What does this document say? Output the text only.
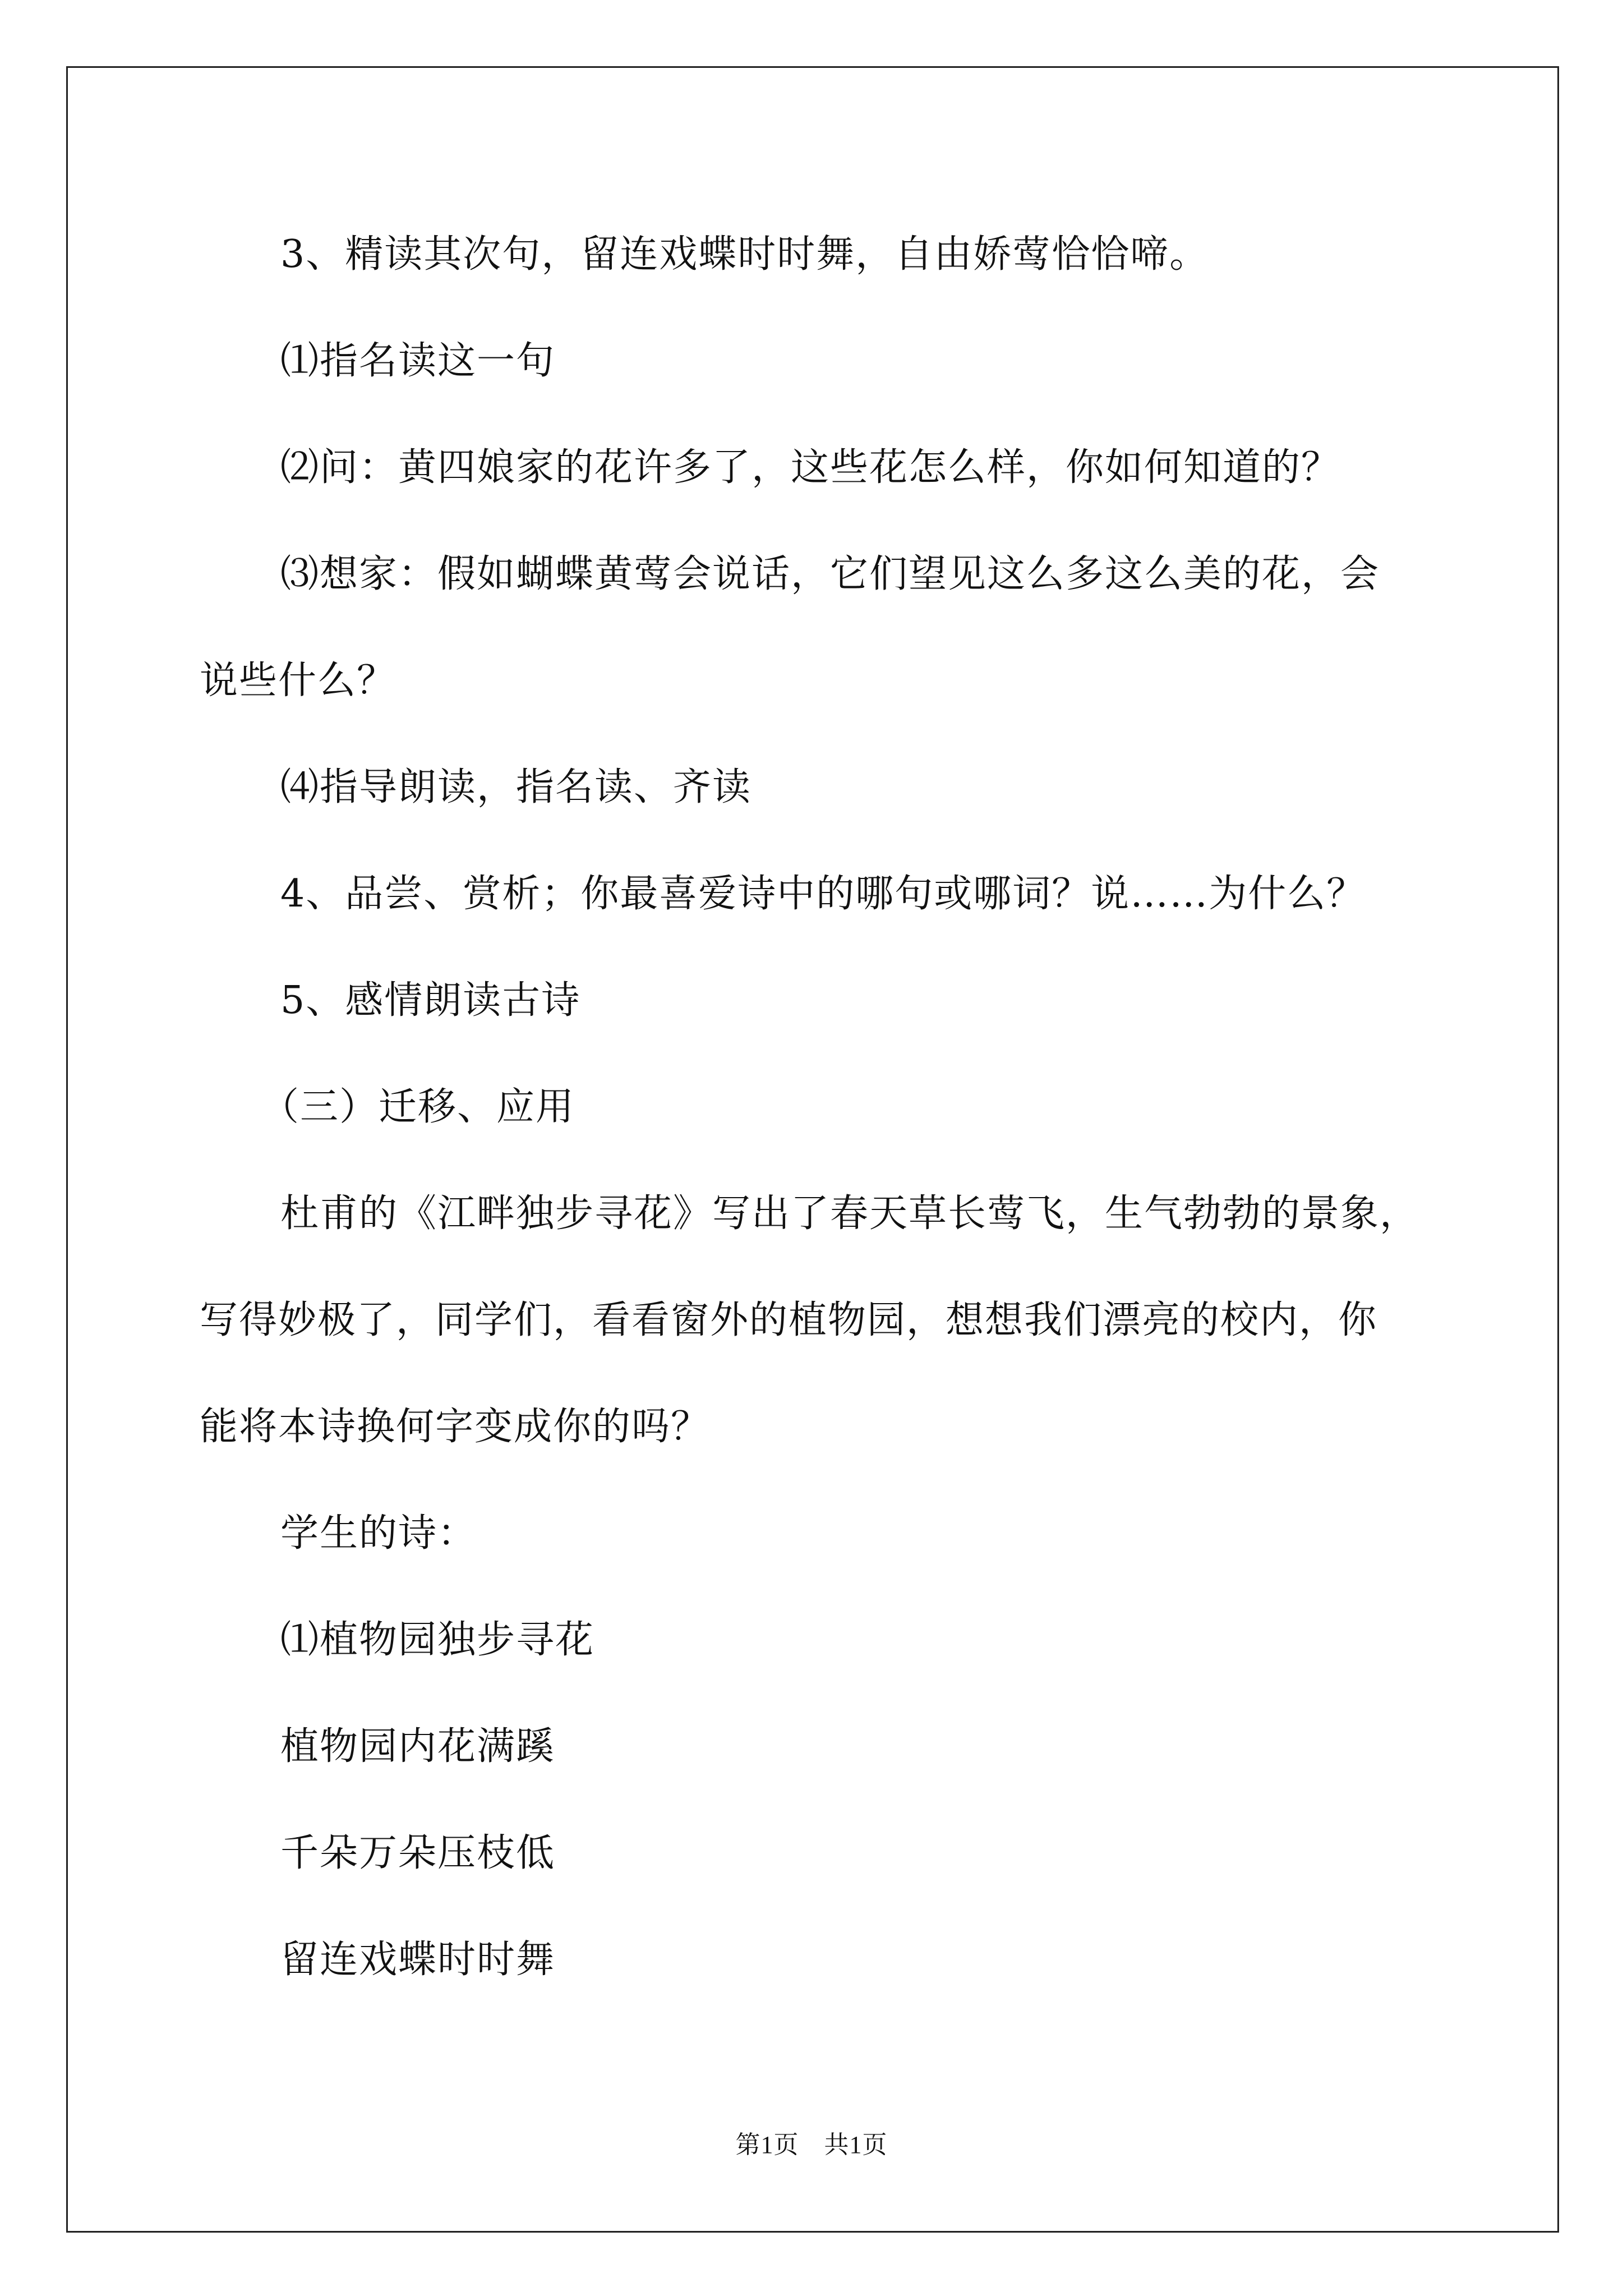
3、精读其次句，留连戏蝶时时舞，自由娇莺恰恰啼。
⑴指名读这一句
⑵问：黄四娘家的花许多了，这些花怎么样，你如何知道的？
⑶想家：假如蝴蝶黄莺会说话，它们望见这么多这么美的花，会
说些什么？
⑷指导朗读，指名读、齐读
4、品尝、赏析；你最喜爱诗中的哪句或哪词？说……为什么？
5、感情朗读古诗
（三）迁移、应用
杜甫的《江畔独步寻花》写出了春天草长莺飞，生气勃勃的景象，
写得妙极了，同学们，看看窗外的植物园，想想我们漂亮的校内，你
能将本诗换何字变成你的吗？
学生的诗：
⑴植物园独步寻花
植物园内花满蹊
千朵万朵压枝低
留连戏蝶时时舞
第1页　共1页
